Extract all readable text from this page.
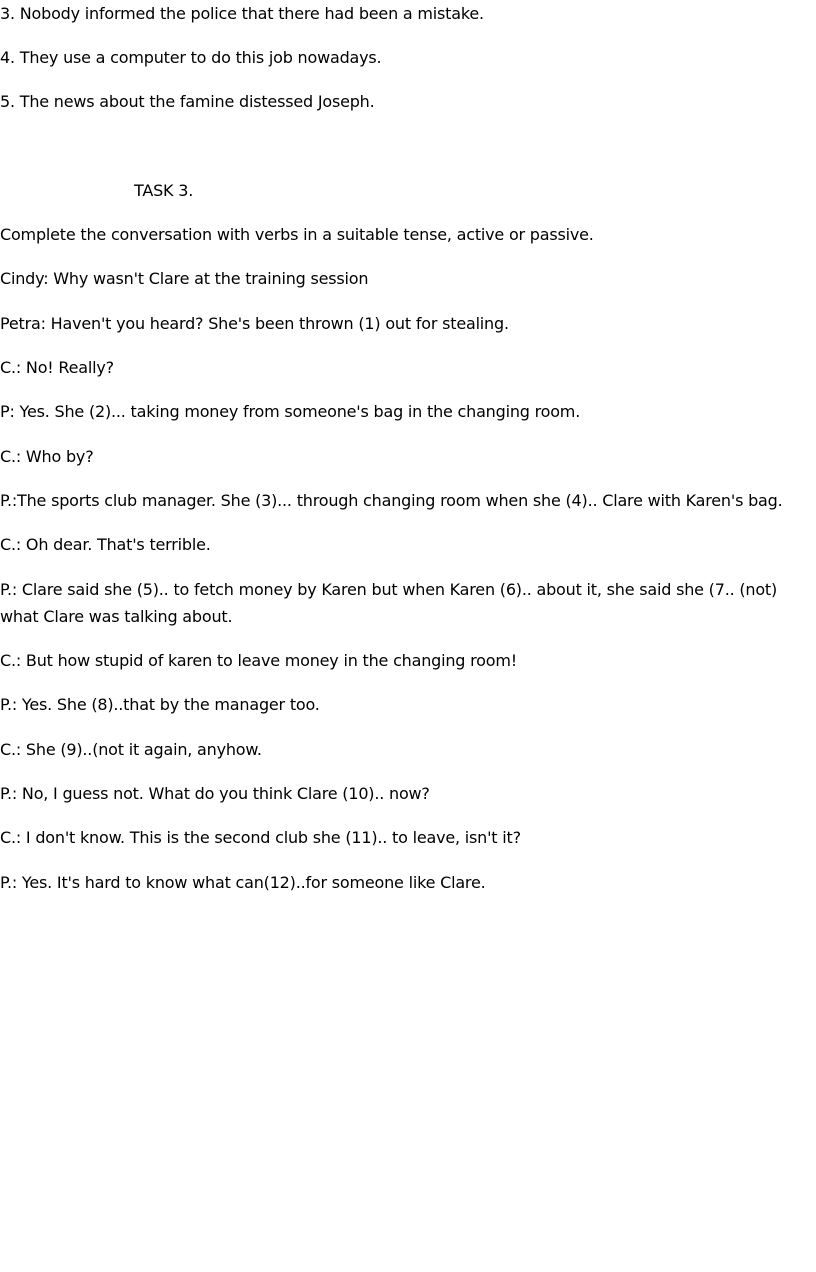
3. Nobody informed the police that there had been a mistake.
4. They use a computer to do this job nowadays.
5. The news about the famine distessed Joseph.
TASK 3.
Complete the conversation with verbs in a suitable tense, active or passive.
Cindy: Why wasn't Clare at the training session
Petra: Haven't you heard? She's been thrown (1) out for stealing.
C.: No! Really?
P: Yes. She (2)... taking money from someone's bag in the changing room.
C.: Who by?
P.:The sports club manager. She (3)... through changing room when she (4).. Clare with Karen's bag.
C.: Oh dear. That's terrible.
P.: Clare said she (5).. to fetch money by Karen but when Karen (6).. about it, she said she (7.. (not) what Clare was talking about.
C.: But how stupid of karen to leave money in the changing room!
P.: Yes. She (8)..that by the manager too.
C.: She (9)..(not it again, anyhow.
P.: No, I guess not. What do you think Clare (10).. now?
C.: I don't know. This is the second club she (11).. to leave, isn't it?
P.: Yes. It's hard to know what can(12)..for someone like Clare.
